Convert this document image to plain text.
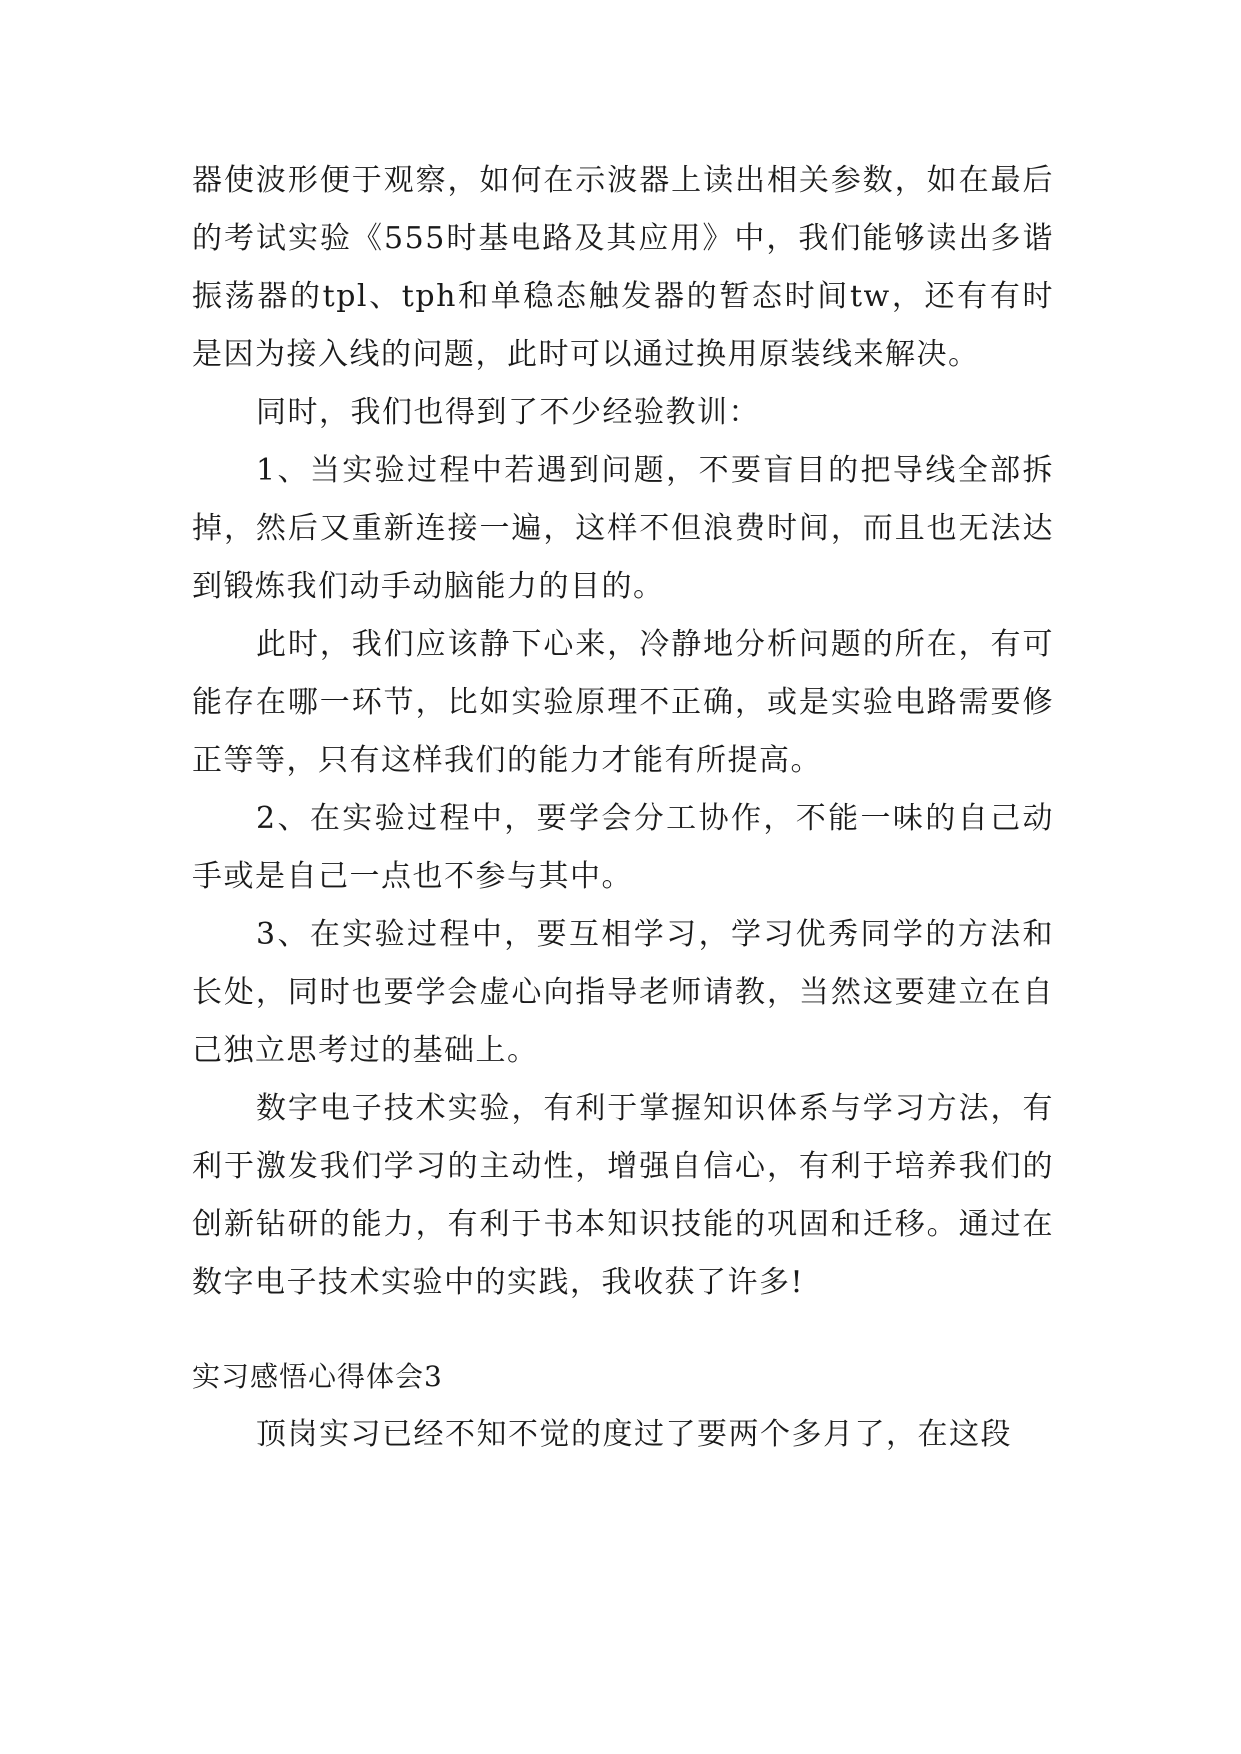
器使波形便于观察，如何在示波器上读出相关参数，如在最后的考试实验《555时基电路及其应用》中，我们能够读出多谐振荡器的tpl、tph和单稳态触发器的暂态时间tw，还有有时是因为接入线的问题，此时可以通过换用原装线来解决。

同时，我们也得到了不少经验教训：

1、当实验过程中若遇到问题，不要盲目的把导线全部拆掉，然后又重新连接一遍，这样不但浪费时间，而且也无法达到锻炼我们动手动脑能力的目的。

此时，我们应该静下心来，冷静地分析问题的所在，有可能存在哪一环节，比如实验原理不正确，或是实验电路需要修正等等，只有这样我们的能力才能有所提高。

2、在实验过程中，要学会分工协作，不能一味的自己动手或是自己一点也不参与其中。

3、在实验过程中，要互相学习，学习优秀同学的方法和长处，同时也要学会虚心向指导老师请教，当然这要建立在自己独立思考过的基础上。

数字电子技术实验，有利于掌握知识体系与学习方法，有利于激发我们学习的主动性，增强自信心，有利于培养我们的创新钻研的能力，有利于书本知识技能的巩固和迁移。通过在数字电子技术实验中的实践，我收获了许多!

实习感悟心得体会3

顶岗实习已经不知不觉的度过了要两个多月了，在这段
